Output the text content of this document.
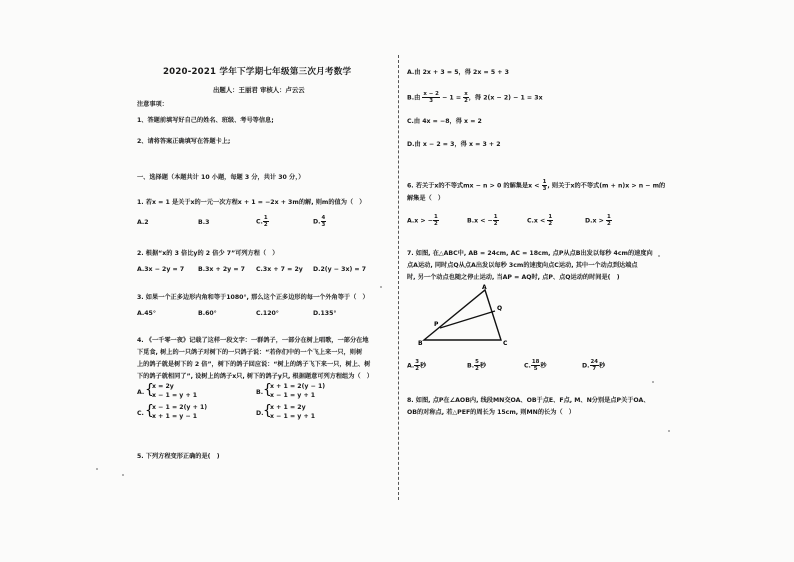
2020-2021 学年下学期七年级第三次月考数学
出题人：王丽君 审核人：卢云云
注意事项：
1、答题前填写好自己的姓名、班级、考号等信息;
2、请将答案正确填写在答题卡上;
一、选择题（本题共计 10 小题，每题 3 分，共计 30 分，）
1. 若x = 1 是关于x的一元一次方程x + 1 = −2x + 3m的解, 则m的值为（　）
A.2	B.3	C. $\frac{1}{2}$	D. $\frac{4}{3}$
2. 根据“x的 3 倍比y的 2 倍少 7”可列方程（　）
A.3x − 2y = 7 B.3x + 2y = 7 C.3x + 7 = 2y D.2(y − 3x) = 7
3. 如果一个正多边形内角和等于1080°, 那么这个正多边形的每一个外角等于（　）
A.45°	B.60°	C.120°	D.135°
4. 《一千零一夜》记载了这样一段文字：一群鸽子，一部分在树上唱歌，一部分在地
下觅食, 树上的一只鸽子对树下的一只鸽子说：“若你们中的一个飞上来一只，则树
上的鸽子就是树下的 2 倍”，树下的鸽子回应说：“树上的鸽子飞下来一只，树上、树
下的鸽子就相同了”, 设树上的鸽子x只, 树下的鸽子y只, 根据题意可列方程组为（　）
A. {
x = 2y
x − 1 = y + 1	B. {
x + 1 = 2(y − 1)
x − 1 = y + 1
C. {
x − 1 = 2(y + 1)
x + 1 = y − 1	D. {
x + 1 = 2y
x − 1 = y + 1
5. 下列方程变形正确的是(　)
A.由 2x + 3 = 5，得 2x = 5 + 3
B.由 $\frac{x - 2}{3} - 1 = \frac{x}{2}$ ，得 2(x − 2) − 1 = 3x
C.由 4x = −8，得 x = 2
D.由 x − 2 = 3，得 x = 3 + 2
6. 若关于x的不等式mx − n > 0 的解集是$x < \frac{1}{3}$ , 则关于x的不等式(m + n)x > n − m的
解集是（　）
A.x > − $\frac{1}{2}$	B.x < − $\frac{1}{2}$	$C.x < \frac{1}{2}$	$D.x > \frac{1}{2}$
7. 如图, 在△ABC中, AB = 24cm, AC = 18cm, 点P从点B出发以每秒 4cm的速度向
点A运动, 同时点Q从点A出发以每秒 3cm的速度向点C运动, 其中一个动点到达端点
时, 另一个动点也随之停止运动, 当AP = AQ时, 点P、点Q运动的时间是(　)
A
B	C
P
Q
A. $\frac{3}{2}$ 秒	B. $\frac{5}{2}$ 秒	C. $\frac{18}{5}$ 秒	D. $\frac{24}{7}$ 秒
8. 如图, 点P在∠AOB内, 线段MN交OA、OB于点E、F点, M、N分别是点P关于OA、
OB的对称点, 若△PEF的周长为 15cm, 则MN的长为（　）
